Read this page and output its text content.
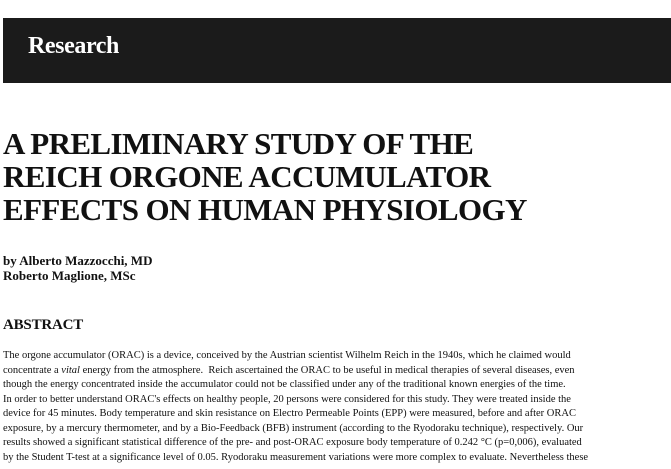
Research
A PRELIMINARY STUDY OF THE
REICH ORGONE ACCUMULATOR
EFFECTS ON HUMAN PHYSIOLOGY
by Alberto Mazzocchi, MD
Roberto Maglione, MSc
ABSTRACT
The orgone accumulator (ORAC) is a device, conceived by the Austrian scientist Wilhelm Reich in the 1940s, which he claimed would
concentrate a vital energy from the atmosphere.  Reich ascertained the ORAC to be useful in medical therapies of several diseases, even
though the energy concentrated inside the accumulator could not be classified under any of the traditional known energies of the time.
In order to better understand ORAC's effects on healthy people, 20 persons were considered for this study. They were treated inside the
device for 45 minutes. Body temperature and skin resistance on Electro Permeable Points (EPP) were measured, before and after ORAC
exposure, by a mercury thermometer, and by a Bio-Feedback (BFB) instrument (according to the Ryodoraku technique), respectively. Our
results showed a significant statistical difference of the pre- and post-ORAC exposure body temperature of 0.242 °C (p=0,006), evaluated
by the Student T-test at a significance level of 0.05. Ryodoraku measurement variations were more complex to evaluate. Nevertheless these
